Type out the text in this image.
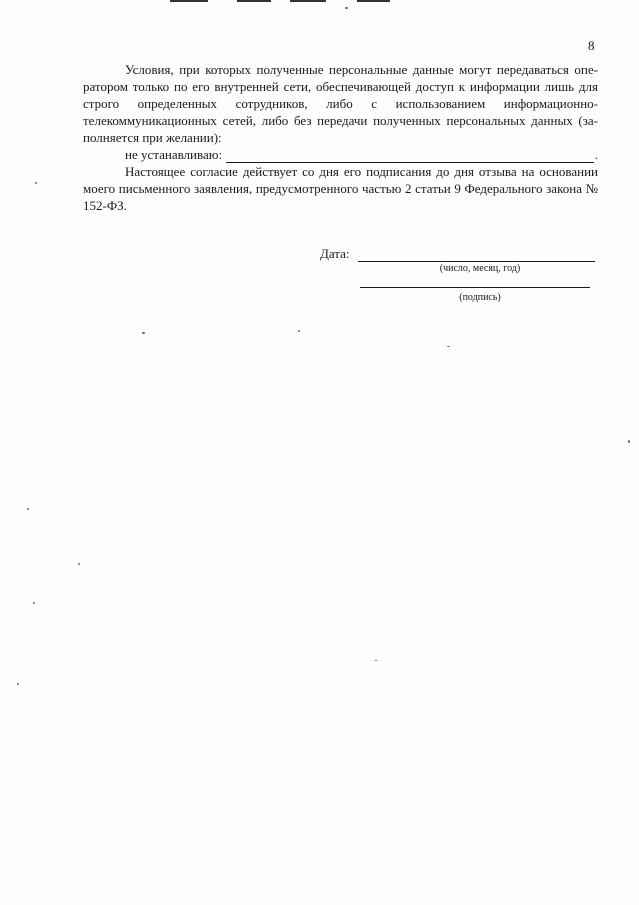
8

Условия, при которых полученные персональные данные могут передаваться оператором только по его внутренней сети, обеспечивающей доступ к информации лишь для строго определенных сотрудников, либо с использованием информационно-телекоммуникационных сетей, либо без передачи полученных персональных данных (заполняется при желании):

не устанавливаю:	.

Настоящее согласие действует со дня его подписания до дня отзыва на основании моего письменного заявления, предусмотренного частью 2 статьи 9 Федерального закона № 152-ФЗ.

Дата:
(число, месяц, год)
(подпись)
